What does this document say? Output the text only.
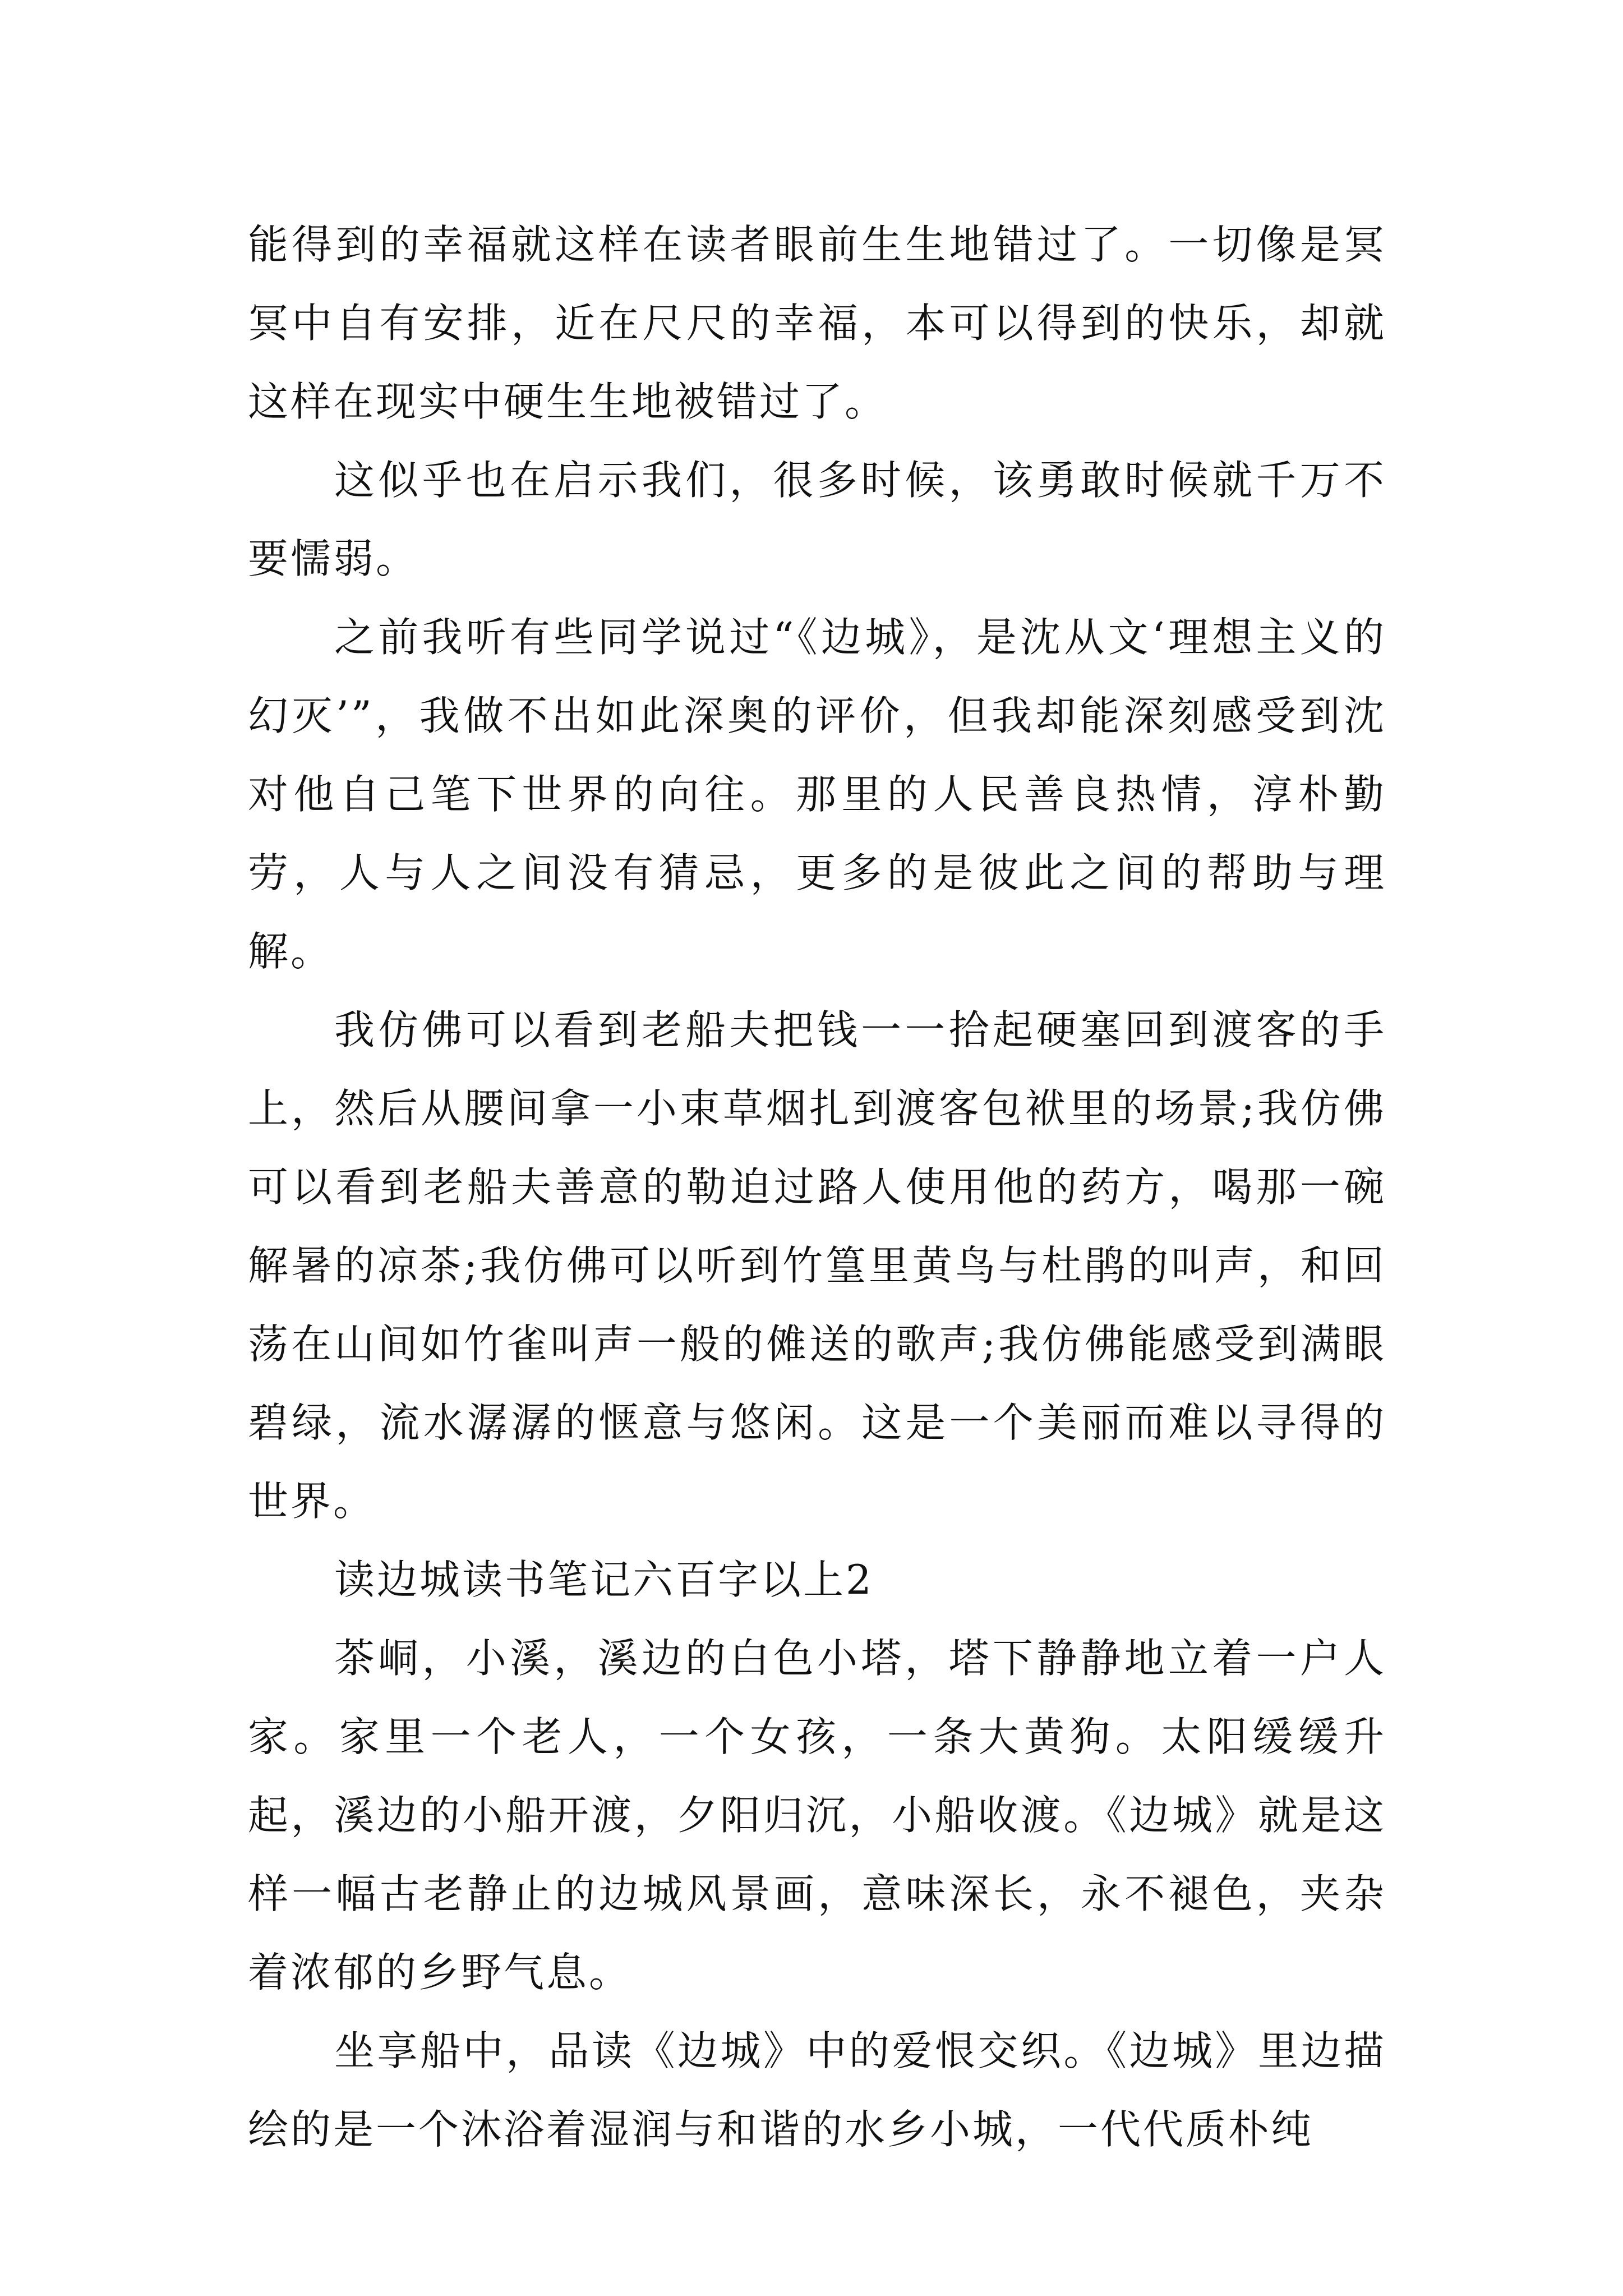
能得到的幸福就这样在读者眼前生生地错过了。一切像是冥冥中自有安排，近在尺尺的幸福，本可以得到的快乐，却就这样在现实中硬生生地被错过了。

这似乎也在启示我们，很多时候，该勇敢时候就千万不要懦弱。

之前我听有些同学说过“《边城》，是沈从文‘理想主义的幻灭’”，我做不出如此深奥的评价，但我却能深刻感受到沈对他自己笔下世界的向往。那里的人民善良热情，淳朴勤劳，人与人之间没有猜忌，更多的是彼此之间的帮助与理解。

我仿佛可以看到老船夫把钱一一拾起硬塞回到渡客的手上，然后从腰间拿一小束草烟扎到渡客包袱里的场景;我仿佛可以看到老船夫善意的勒迫过路人使用他的药方，喝那一碗解暑的凉茶;我仿佛可以听到竹篁里黄鸟与杜鹃的叫声，和回荡在山间如竹雀叫声一般的傩送的歌声;我仿佛能感受到满眼碧绿，流水潺潺的惬意与悠闲。这是一个美丽而难以寻得的世界。

读边城读书笔记六百字以上2

茶峒，小溪，溪边的白色小塔，塔下静静地立着一户人家。家里一个老人，一个女孩，一条大黄狗。太阳缓缓升起，溪边的小船开渡，夕阳归沉，小船收渡。《边城》就是这样一幅古老静止的边城风景画，意味深长，永不褪色，夹杂着浓郁的乡野气息。

坐享船中，品读《边城》中的爱恨交织。《边城》里边描绘的是一个沐浴着湿润与和谐的水乡小城，一代代质朴纯
